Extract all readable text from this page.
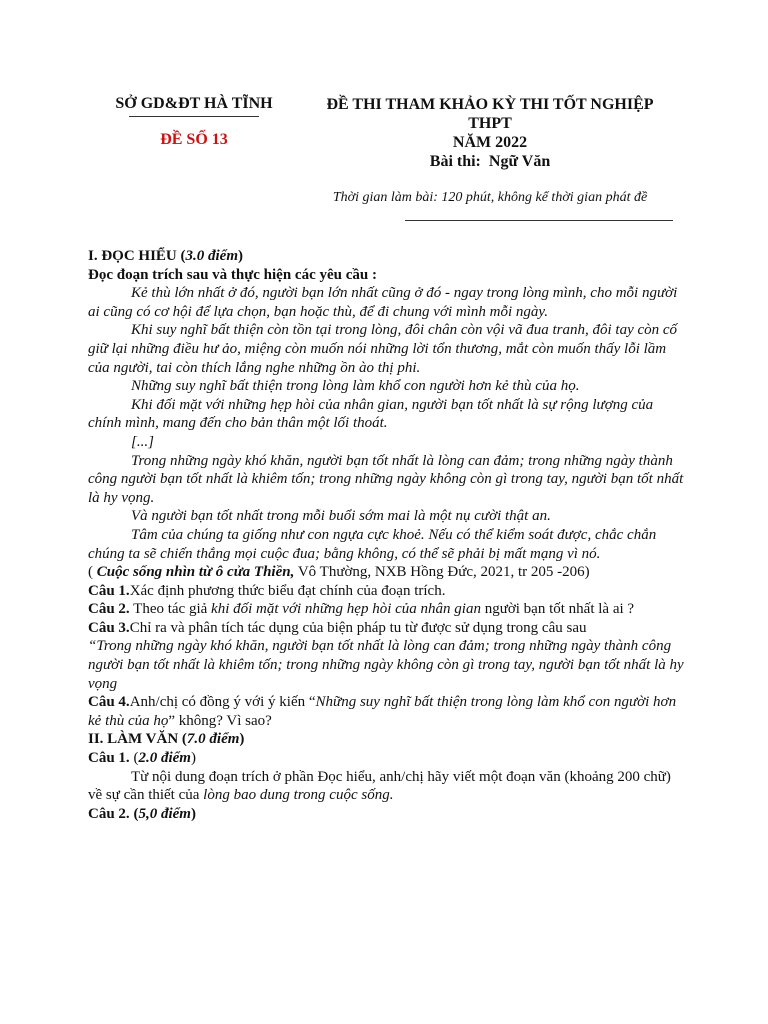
SỞ GD&ĐT HÀ TĨNH
ĐỀ SỐ 13
ĐỀ THI THAM KHẢO KỲ THI TỐT NGHIỆP
THPT
NĂM 2022
Bài thi: Ngữ Văn
Thời gian làm bài: 120 phút, không kể thời gian phát đề

I. ĐỌC HIỂU (3.0 điểm)

Đọc đoạn trích sau và thực hiện các yêu cầu :

Kẻ thù lớn nhất ở đó, người bạn lớn nhất cũng ở đó - ngay trong lòng mình, cho mỗi người ai cũng có cơ hội để lựa chọn, bạn hoặc thù, để đi chung với mình mỗi ngày.

Khi suy nghĩ bất thiện còn tồn tại trong lòng, đôi chân còn vội vã đua tranh, đôi tay còn cố giữ lại những điều hư ảo, miệng còn muốn nói những lời tổn thương, mắt còn muốn thấy lỗi lầm của người, tai còn thích lắng nghe những ồn ào thị phi.

Những suy nghĩ bất thiện trong lòng làm khổ con người hơn kẻ thù của họ.

Khi đối mặt với những hẹp hòi của nhân gian, người bạn tốt nhất là sự rộng lượng của chính mình, mang đến cho bản thân một lối thoát.

[...]

Trong những ngày khó khăn, người bạn tốt nhất là lòng can đảm; trong những ngày thành công người bạn tốt nhất là khiêm tốn; trong những ngày không còn gì trong tay, người bạn tốt nhất là hy vọng.

Và người bạn tốt nhất trong mỗi buổi sớm mai là một nụ cười thật an.

Tâm của chúng ta giống như con ngựa cực khoẻ. Nếu có thể kiểm soát được, chắc chắn chúng ta sẽ chiến thắng mọi cuộc đua; bằng không, có thể sẽ phải bị mất mạng vì nó.

( Cuộc sống nhìn từ ô cửa Thiền, Vô Thường, NXB Hồng Đức, 2021, tr 205 -206)

Câu 1.Xác định phương thức biểu đạt chính của đoạn trích.

Câu 2. Theo tác giả khi đối mặt với những hẹp hòi của nhân gian người bạn tốt nhất là ai ?

Câu 3.Chỉ ra và phân tích tác dụng của biện pháp tu từ được sử dụng trong câu sau

“Trong những ngày khó khăn, người bạn tốt nhất là lòng can đảm; trong những ngày thành công người bạn tốt nhất là khiêm tốn; trong những ngày không còn gì trong tay, người bạn tốt nhất là hy vọng

Câu 4.Anh/chị có đồng ý với ý kiến “Những suy nghĩ bất thiện trong lòng làm khổ con người hơn kẻ thù của họ” không? Vì sao?

II. LÀM VĂN (7.0 điểm)

Câu 1. (2.0 điểm)

Từ nội dung đoạn trích ở phần Đọc hiểu, anh/chị hãy viết một đoạn văn (khoảng 200 chữ) về sự cần thiết của lòng bao dung trong cuộc sống.

Câu 2. (5,0 điểm)
